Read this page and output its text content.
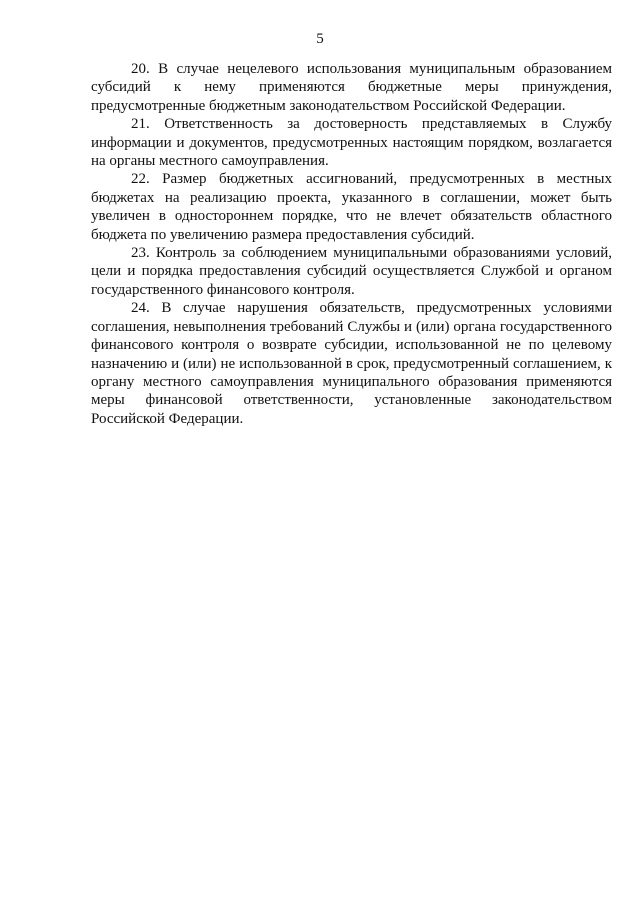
5

20. В случае нецелевого использования муниципальным образованием субсидий к нему применяются бюджетные меры принуждения, предусмотренные бюджетным законодательством Российской Федерации.

21. Ответственность за достоверность представляемых в Службу информации и документов, предусмотренных настоящим порядком, возлагается на органы местного самоуправления.

22. Размер бюджетных ассигнований, предусмотренных в местных бюджетах на реализацию проекта, указанного в соглашении, может быть увеличен в одностороннем порядке, что не влечет обязательств областного бюджета по увеличению размера предоставления субсидий.

23. Контроль за соблюдением муниципальными образованиями условий, цели и порядка предоставления субсидий осуществляется Службой и органом государственного финансового контроля.

24. В случае нарушения обязательств, предусмотренных условиями соглашения, невыполнения требований Службы и (или) органа государственного финансового контроля о возврате субсидии, использованной не по целевому назначению и (или) не использованной в срок, предусмотренный соглашением, к органу местного самоуправления муниципального образования применяются меры финансовой ответственности, установленные законодательством Российской Федерации.
